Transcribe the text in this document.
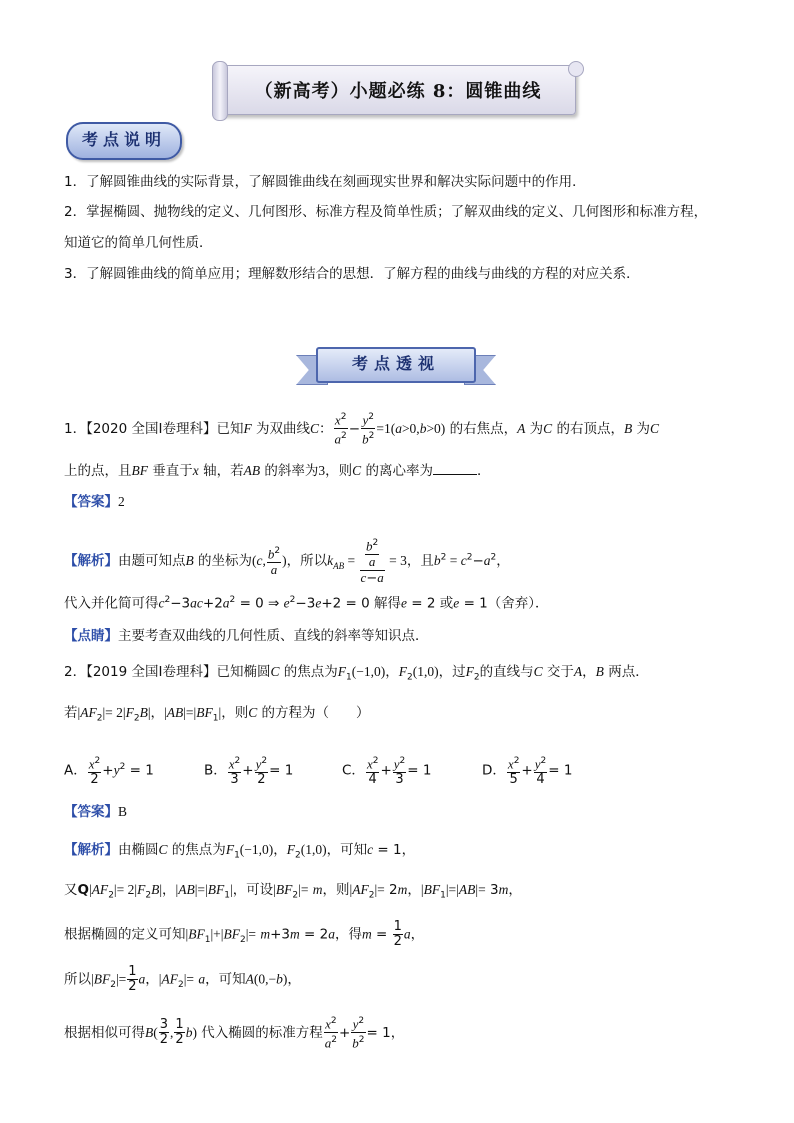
（新高考）小题必练 8：圆锥曲线
考点说明
1．了解圆锥曲线的实际背景，了解圆锥曲线在刻画现实世界和解决实际问题中的作用．
2．掌握椭圆、抛物线的定义、几何图形、标准方程及简单性质；了解双曲线的定义、几何图形和标准方程，
知道它的简单几何性质．
3．了解圆锥曲线的简单应用；理解数形结合的思想．了解方程的曲线与曲线的方程的对应关系．
考点透视
1．【2020 全国Ⅰ卷理科】已知F 为双曲线C： $\frac{x^2}{a^2} - \frac{y^2}{b^2} =1(a>0,b>0)$ 的右焦点，A 为C 的右顶点，B 为C
上的点，且BF 垂直于x 轴，若AB 的斜率为3，则C 的离心率为	．
【答案】2
【解析】由题可知点B 的坐标为(c, $\frac{b^2}{a}$ )，所以$k_{AB} = \frac{\frac{b^2}{a}}{c-a} = 3$，且$b^2 = c^2-a^2$，
代入并化简可得$c^2-3ac+2a^2 = 0$ ⇒ $e^2-3e+2 = 0$ 解得e = 2 或e = 1（舍弃）．
【点睛】主要考查双曲线的几何性质、直线的斜率等知识点．
2．【2019 全国Ⅰ卷理科】已知椭圆C 的焦点为$F_1(-1,0)$，$F_2(1,0)$，过$F_2$的直线与C 交于A，B 两点．
若$|AF_2|= 2|F_2B|$，$|AB|=|BF_1|$，则C 的方程为（　　）
A． $\frac{x^2}{2} +y^2 = 1$	B． $\frac{x^2}{3} + \frac{y^2}{2} = 1$	C． $\frac{x^2}{4} + \frac{y^2}{3} = 1$	D． $\frac{x^2}{5} + \frac{y^2}{4} = 1$
【答案】B
【解析】由椭圆C 的焦点为$F_1(-1,0)$，$F_2(1,0)$，可知c = 1，
又$Q|AF_2|= 2|F_2B|$，$|AB|=|BF_1|$，可设$|BF_2|= m$，则$|AF_2|= 2m$，$|BF_1|=|AB|= 3m$，
根据椭圆的定义可知$|BF_1|+|BF_2|= m+3m = 2a$，得$m = \frac{1}{2}$ a，
所以$|BF_2|= \frac{1}{2}$ a，$|AF_2|= a$，可知A(0,−b)，
根据相似可得$B( \frac{3}{2}$ , $\frac{1}{2} b$) 代入椭圆的标准方程 $\frac{x^2}{a^2} + \frac{y^2}{b^2} = 1$，
